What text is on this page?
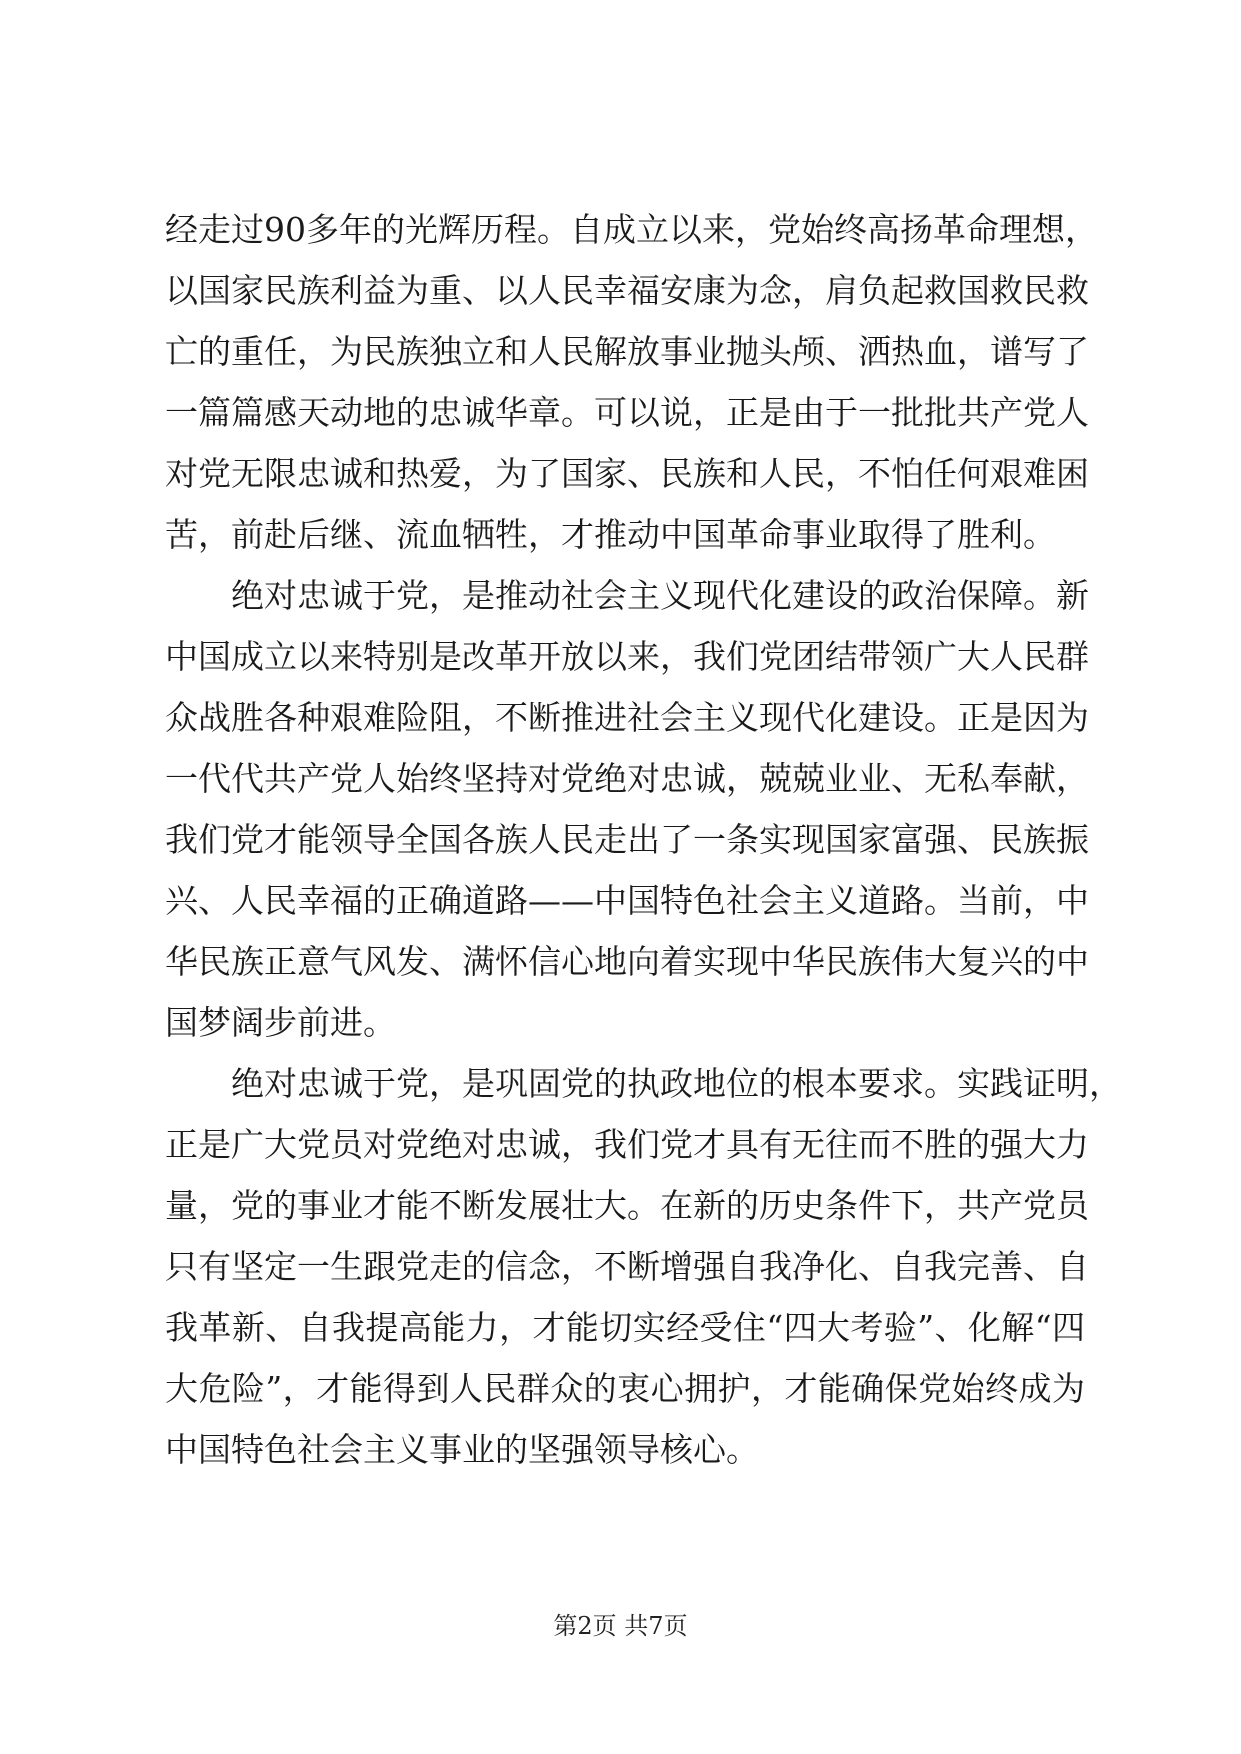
经走过90多年的光辉历程。自成立以来，党始终高扬革命理想，
以国家民族利益为重、以人民幸福安康为念，肩负起救国救民救
亡的重任，为民族独立和人民解放事业抛头颅、洒热血，谱写了
一篇篇感天动地的忠诚华章。可以说，正是由于一批批共产党人
对党无限忠诚和热爱，为了国家、民族和人民，不怕任何艰难困
苦，前赴后继、流血牺牲，才推动中国革命事业取得了胜利。
绝对忠诚于党，是推动社会主义现代化建设的政治保障。新
中国成立以来特别是改革开放以来，我们党团结带领广大人民群
众战胜各种艰难险阻，不断推进社会主义现代化建设。正是因为
一代代共产党人始终坚持对党绝对忠诚，兢兢业业、无私奉献，
我们党才能领导全国各族人民走出了一条实现国家富强、民族振
兴、人民幸福的正确道路——中国特色社会主义道路。当前，中
华民族正意气风发、满怀信心地向着实现中华民族伟大复兴的中
国梦阔步前进。
绝对忠诚于党，是巩固党的执政地位的根本要求。实践证明，
正是广大党员对党绝对忠诚，我们党才具有无往而不胜的强大力
量，党的事业才能不断发展壮大。在新的历史条件下，共产党员
只有坚定一生跟党走的信念，不断增强自我净化、自我完善、自
我革新、自我提高能力，才能切实经受住“四大考验”、化解“四
大危险”，才能得到人民群众的衷心拥护，才能确保党始终成为
中国特色社会主义事业的坚强领导核心。
第2页 共7页
